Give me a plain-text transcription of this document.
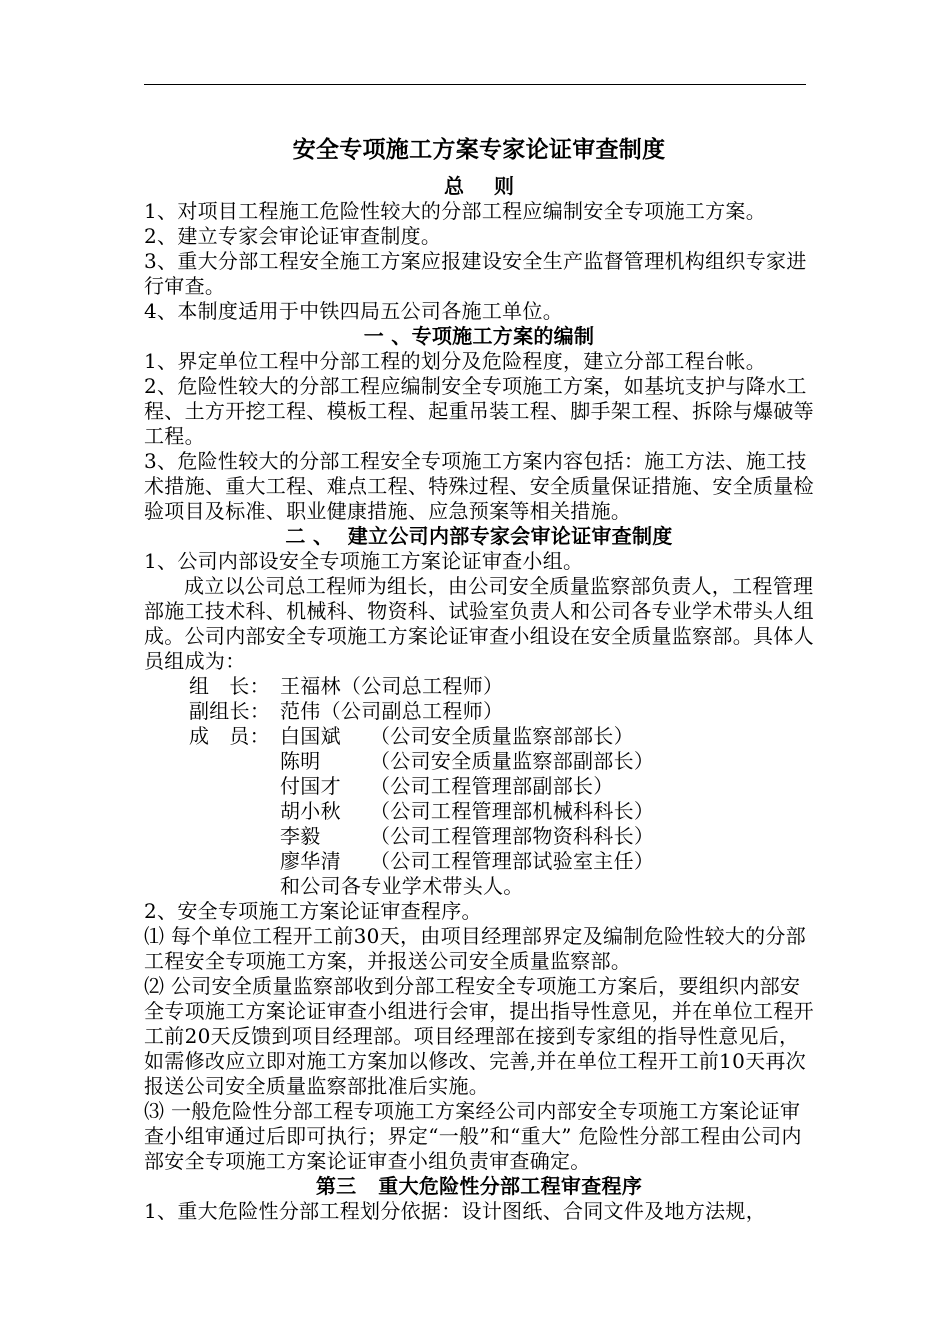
安全专项施工方案专家论证审查制度
总则
1、对项目工程施工危险性较大的分部工程应编制安全专项施工方案。
2、建立专家会审论证审查制度。
3、重大分部工程安全施工方案应报建设安全生产监督管理机构组织专家进行审查。
4、本制度适用于中铁四局五公司各施工单位。
一 、专项施工方案的编制
1、界定单位工程中分部工程的划分及危险程度，建立分部工程台帐。
2、危险性较大的分部工程应编制安全专项施工方案，如基坑支护与降水工程、土方开挖工程、模板工程、起重吊装工程、脚手架工程、拆除与爆破等工程。
3、危险性较大的分部工程安全专项施工方案内容包括：施工方法、施工技术措施、重大工程、难点工程、特殊过程、安全质量保证措施、安全质量检验项目及标准、职业健康措施、应急预案等相关措施。
二 、  建立公司内部专家会审论证审查制度
1、公司内部设安全专项施工方案论证审查小组。
成立以公司总工程师为组长，由公司安全质量监察部负责人，工程管理部施工技术科、机械科、物资科、试验室负责人和公司各专业学术带头人组成。公司内部安全专项施工方案论证审查小组设在安全质量监察部。具体人员组成为：
组   长： 王福林（公司总工程师）
副组长： 范伟（公司副总工程师）
成   员： 白国斌	（公司安全质量监察部部长）
陈明	（公司安全质量监察部副部长）
付国才	（公司工程管理部副部长）
胡小秋	（公司工程管理部机械科科长）
李毅	（公司工程管理部物资科科长）
廖华清	（公司工程管理部试验室主任）
和公司各专业学术带头人。
2、安全专项施工方案论证审查程序。
⑴ 每个单位工程开工前30天，由项目经理部界定及编制危险性较大的分部工程安全专项施工方案，并报送公司安全质量监察部。
⑵ 公司安全质量监察部收到分部工程安全专项施工方案后，要组织内部安全专项施工方案论证审查小组进行会审，提出指导性意见，并在单位工程开工前20天反馈到项目经理部。项目经理部在接到专家组的指导性意见后，如需修改应立即对施工方案加以修改、完善,并在单位工程开工前10天再次报送公司安全质量监察部批准后实施。
⑶ 一般危险性分部工程专项施工方案经公司内部安全专项施工方案论证审查小组审通过后即可执行；界定“一般”和“重大” 危险性分部工程由公司内部安全专项施工方案论证审查小组负责审查确定。
第三   重大危险性分部工程审查程序
1、重大危险性分部工程划分依据：设计图纸、合同文件及地方法规，
